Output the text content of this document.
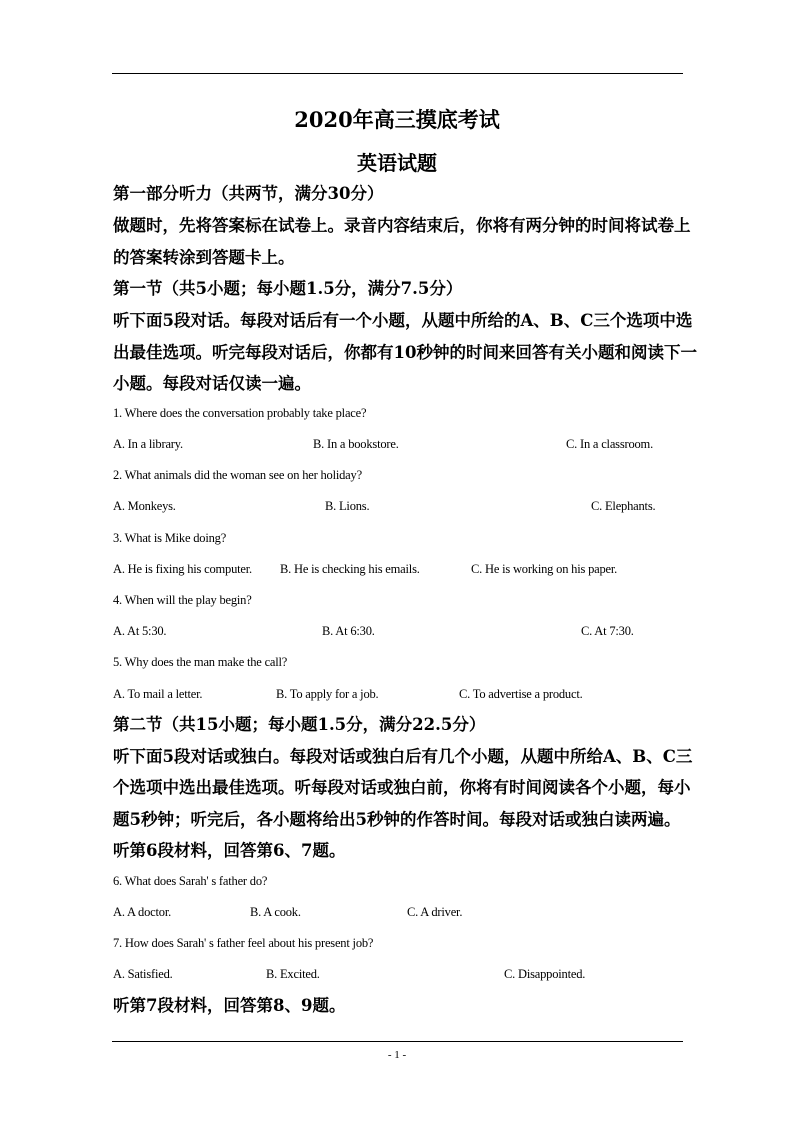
2020年高三摸底考试
英语试题
第一部分听力（共两节，满分30分）
做题时，先将答案标在试卷上。录音内容结束后，你将有两分钟的时间将试卷上
的答案转涂到答题卡上。
第一节（共5小题；每小题1.5分，满分7.5分）
听下面5段对话。每段对话后有一个小题，从题中所给的A、B、C三个选项中选
出最佳选项。听完每段对话后，你都有10秒钟的时间来回答有关小题和阅读下一
小题。每段对话仅读一遍。
1. Where does the conversation probably take place?
A. In a library.	B. In a bookstore.	C. In a classroom.
2. What animals did the woman see on her holiday?
A. Monkeys.	B. Lions.	C. Elephants.
3. What is Mike doing?
A. He is fixing his computer. B. He is checking his emails.	C. He is working on his paper.
4. When will the play begin?
A. At 5:30.	B. At 6:30.	C. At 7:30.
5. Why does the man make the call?
A. To mail a letter.	B. To apply for a job.	C. To advertise a product.
第二节（共15小题；每小题1.5分，满分22.5分）
听下面5段对话或独白。每段对话或独白后有几个小题，从题中所给A、B、C三
个选项中选出最佳选项。听每段对话或独白前，你将有时间阅读各个小题，每小
题5秒钟；听完后，各小题将给出5秒钟的作答时间。每段对话或独白读两遍。
听第6段材料，回答第6、7题。
6. What does Sarah' s father do?
A. A doctor.	B. A cook.	C. A driver.
7. How does Sarah' s father feel about his present job?
A. Satisfied.	B. Excited.	C. Disappointed.
听第7段材料，回答第8、9题。
- 1 -
